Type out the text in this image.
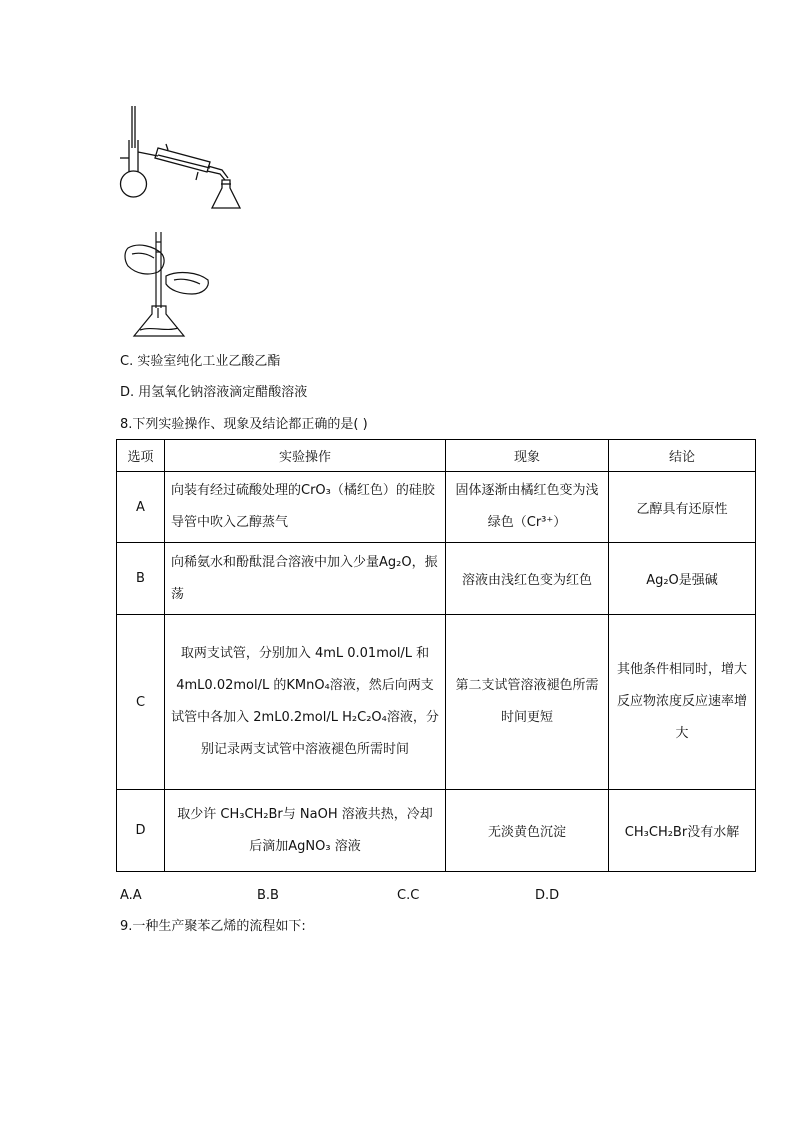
C. 实验室纯化工业乙酸乙酯
D. 用氢氧化钠溶液滴定醋酸溶液
8.下列实验操作、现象及结论都正确的是( )
选项	实验操作	现象	结论
A	向装有经过硫酸处理的CrO₃（橘红色）的硅胶导管中吹入乙醇蒸气	固体逐渐由橘红色变为浅绿色（Cr³⁺）	乙醇具有还原性
B	向稀氨水和酚酞混合溶液中加入少量Ag₂O，振荡	溶液由浅红色变为红色	Ag₂O是强碱
C	取两支试管，分别加入 4mL 0.01mol/L 和 4mL0.02mol/L 的KMnO₄溶液，然后向两支试管中各加入 2mL0.2mol/L H₂C₂O₄溶液，分别记录两支试管中溶液褪色所需时间	第二支试管溶液褪色所需时间更短	其他条件相同时，增大反应物浓度反应速率增大
D	取少许 CH₃CH₂Br与 NaOH 溶液共热，冷却后滴加AgNO₃ 溶液	无淡黄色沉淀	CH₃CH₂Br没有水解
A.A	B.B	C.C	D.D
9.一种生产聚苯乙烯的流程如下:
